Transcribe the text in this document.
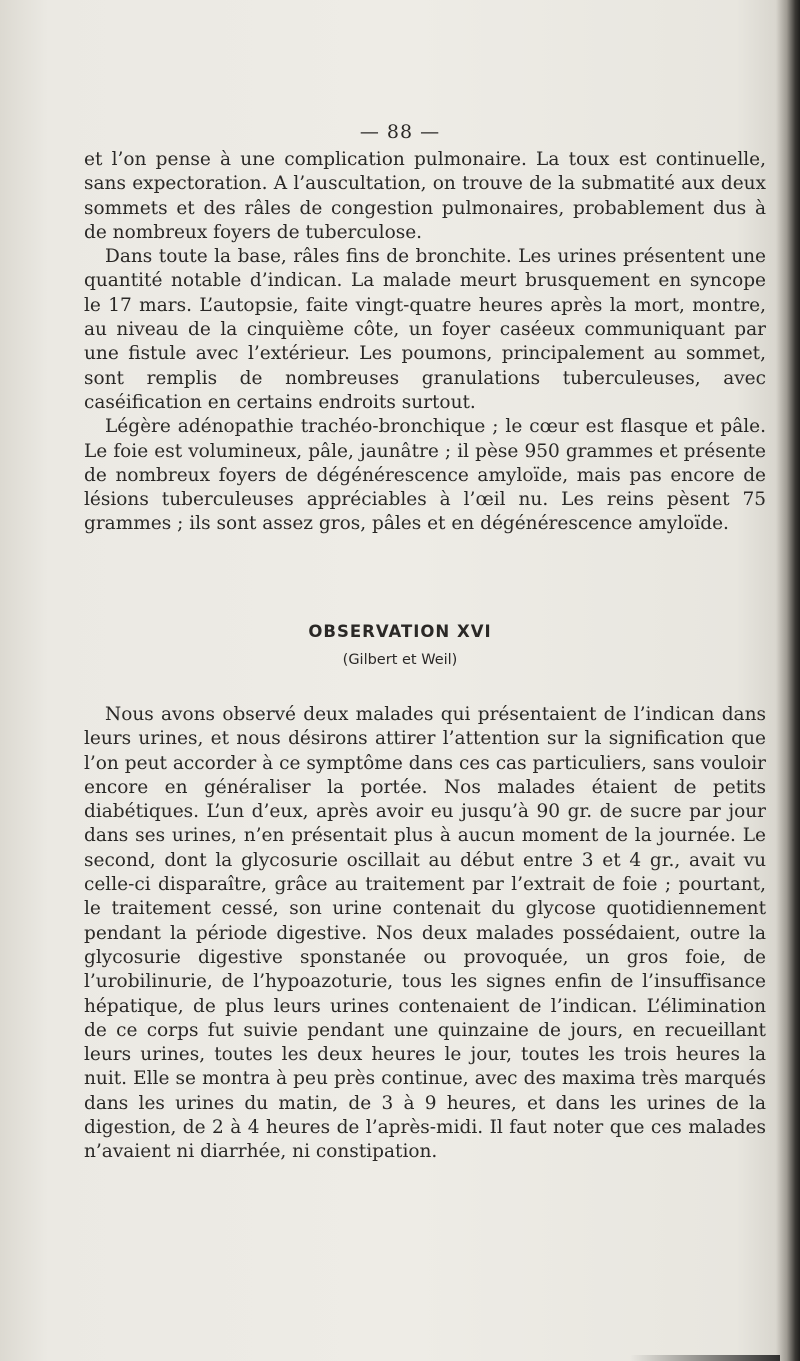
— 88 —

et l’on pense à une complication pulmonaire. La toux est continuelle, sans expectoration. A l’auscultation, on trouve de la submatité aux deux sommets et des râles de congestion pulmonaires, probablement dus à de nombreux foyers de tuberculose.

Dans toute la base, râles fins de bronchite. Les urines présentent une quantité notable d’indican. La malade meurt brusquement en syncope le 17 mars. L’autopsie, faite vingt-quatre heures après la mort, montre, au niveau de la cinquième côte, un foyer caséeux communiquant par une fistule avec l’extérieur. Les poumons, principalement au sommet, sont remplis de nombreuses granulations tuberculeuses, avec caséification en certains endroits surtout.

Légère adénopathie trachéo-bronchique ; le cœur est flasque et pâle. Le foie est volumineux, pâle, jaunâtre ; il pèse 950 grammes et présente de nombreux foyers de dégénérescence amyloïde, mais pas encore de lésions tuberculeuses appréciables à l’œil nu. Les reins pèsent 75 grammes ; ils sont assez gros, pâles et en dégénérescence amyloïde.

OBSERVATION XVI
(Gilbert et Weil)

Nous avons observé deux malades qui présentaient de l’indican dans leurs urines, et nous désirons attirer l’attention sur la signification que l’on peut accorder à ce symptôme dans ces cas particuliers, sans vouloir encore en généraliser la portée. Nos malades étaient de petits diabétiques. L’un d’eux, après avoir eu jusqu’à 90 gr. de sucre par jour dans ses urines, n’en présentait plus à aucun moment de la journée. Le second, dont la glycosurie oscillait au début entre 3 et 4 gr., avait vu celle-ci disparaître, grâce au traitement par l’extrait de foie ; pourtant, le traitement cessé, son urine contenait du glycose quotidiennement pendant la période digestive. Nos deux malades possédaient, outre la glycosurie digestive sponstanée ou provoquée, un gros foie, de l’urobilinurie, de l’hypoazoturie, tous les signes enfin de l’insuffisance hépatique, de plus leurs urines contenaient de l’indican. L’élimination de ce corps fut suivie pendant une quinzaine de jours, en recueillant leurs urines, toutes les deux heures le jour, toutes les trois heures la nuit. Elle se montra à peu près continue, avec des maxima très marqués dans les urines du matin, de 3 à 9 heures, et dans les urines de la digestion, de 2 à 4 heures de l’après-midi. Il faut noter que ces malades n’avaient ni diarrhée, ni constipation.
